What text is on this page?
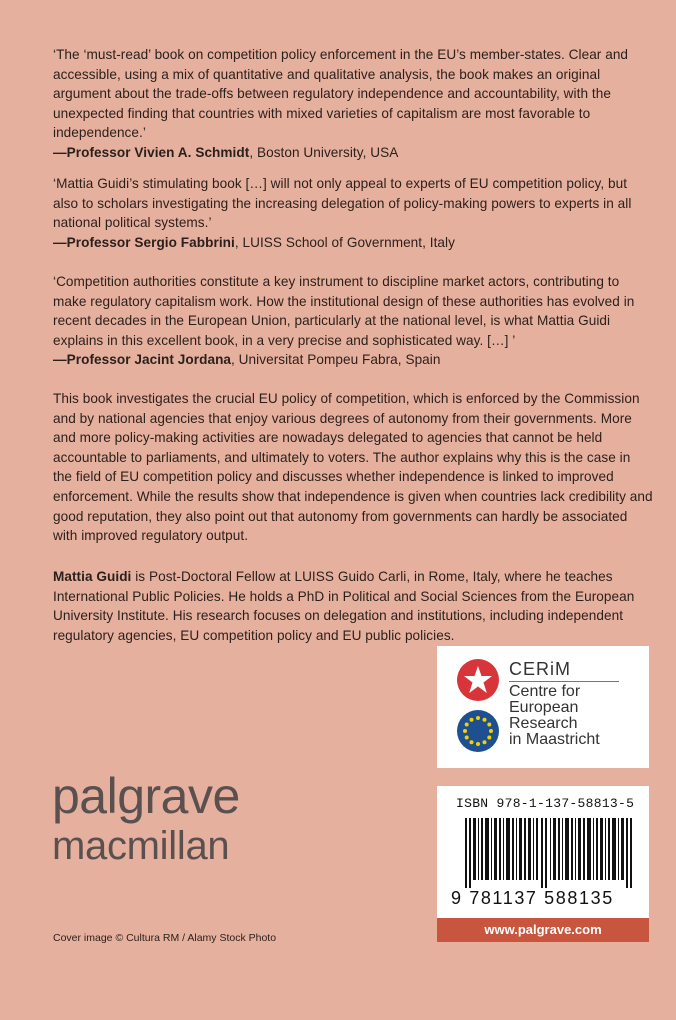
‘The ‘must-read’ book on competition policy enforcement in the EU’s member-states. Clear and accessible, using a mix of quantitative and qualitative analysis, the book makes an original argument about the trade-offs between regulatory independence and accountability, with the unexpected finding that countries with mixed varieties of capitalism are most favorable to independence.’

—Professor Vivien A. Schmidt, Boston University, USA

‘Mattia Guidi’s stimulating book […] will not only appeal to experts of EU competition policy, but also to scholars investigating the increasing delegation of policy-making powers to experts in all national political systems.’

—Professor Sergio Fabbrini, LUISS School of Government, Italy

‘Competition authorities constitute a key instrument to discipline market actors, contributing to make regulatory capitalism work. How the institutional design of these authorities has evolved in recent decades in the European Union, particularly at the national level, is what Mattia Guidi explains in this excellent book, in a very precise and sophisticated way. […] ’

—Professor Jacint Jordana, Universitat Pompeu Fabra, Spain

This book investigates the crucial EU policy of competition, which is enforced by the Commission and by national agencies that enjoy various degrees of autonomy from their governments. More and more policy-making activities are nowadays delegated to agencies that cannot be held accountable to parliaments, and ultimately to voters. The author explains why this is the case in the field of EU competition policy and discusses whether independence is linked to improved enforcement. While the results show that independence is given when countries lack credibility and good reputation, they also point out that autonomy from governments can hardly be associated with improved regulatory output.

Mattia Guidi is Post-Doctoral Fellow at LUISS Guido Carli, in Rome, Italy, where he teaches International Public Policies. He holds a PhD in Political and Social Sciences from the European University Institute. His research focuses on delegation and institutions, including independent regulatory agencies, EU competition policy and EU public policies.

CERiM
Centre for
European
Research
in Maastricht
palgrave
macmillan
Cover image © Cultura RM / Alamy Stock Photo
ISBN 978-1-137-58813-5
9 781137 588135
www.palgrave.com
